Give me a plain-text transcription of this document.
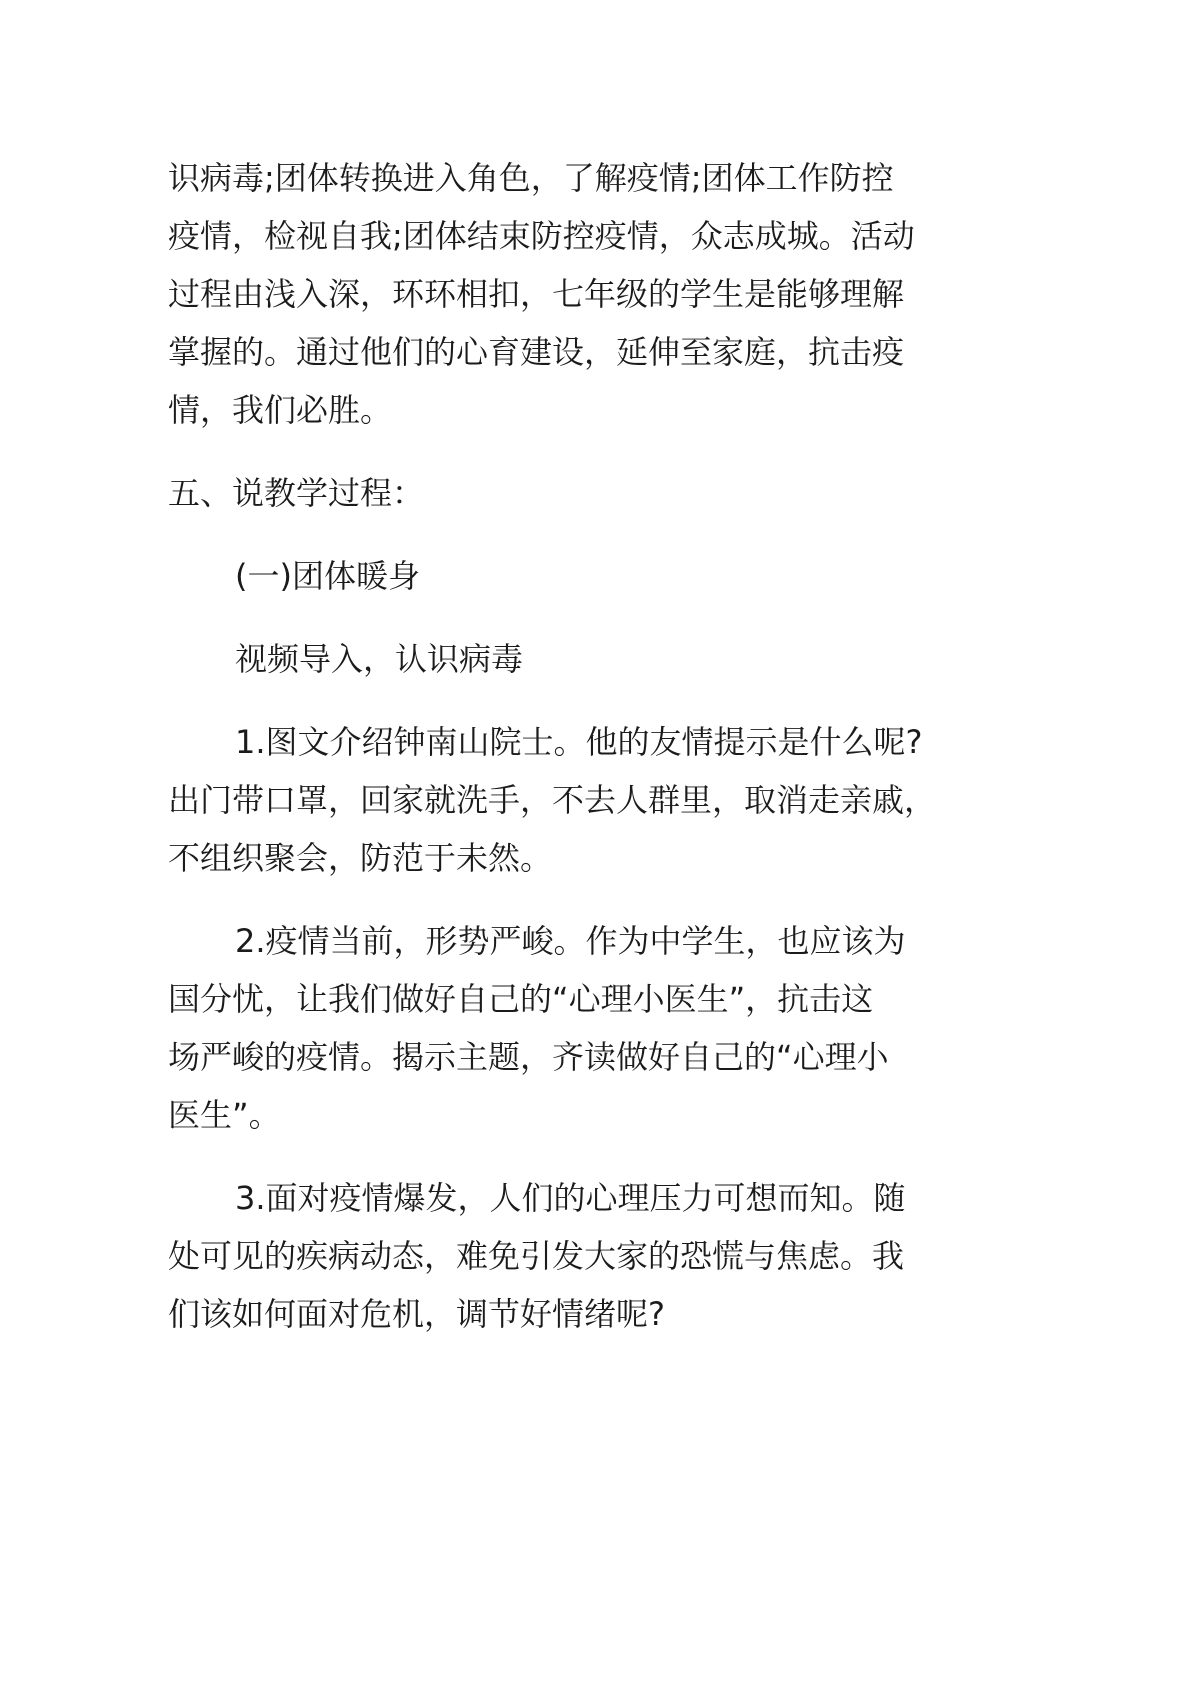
识病毒;团体转换进入角色，了解疫情;团体工作防控
疫情，检视自我;团体结束防控疫情，众志成城。活动
过程由浅入深，环环相扣，七年级的学生是能够理解
掌握的。通过他们的心育建设，延伸至家庭，抗击疫
情，我们必胜。
五、说教学过程：
(一)团体暖身
视频导入，认识病毒
1.图文介绍钟南山院士。他的友情提示是什么呢?
出门带口罩，回家就洗手，不去人群里，取消走亲戚，
不组织聚会，防范于未然。
2.疫情当前，形势严峻。作为中学生，也应该为
国分忧，让我们做好自己的“心理小医生”，抗击这
场严峻的疫情。揭示主题，齐读做好自己的“心理小
医生”。
3.面对疫情爆发，人们的心理压力可想而知。随
处可见的疾病动态，难免引发大家的恐慌与焦虑。我
们该如何面对危机，调节好情绪呢?
